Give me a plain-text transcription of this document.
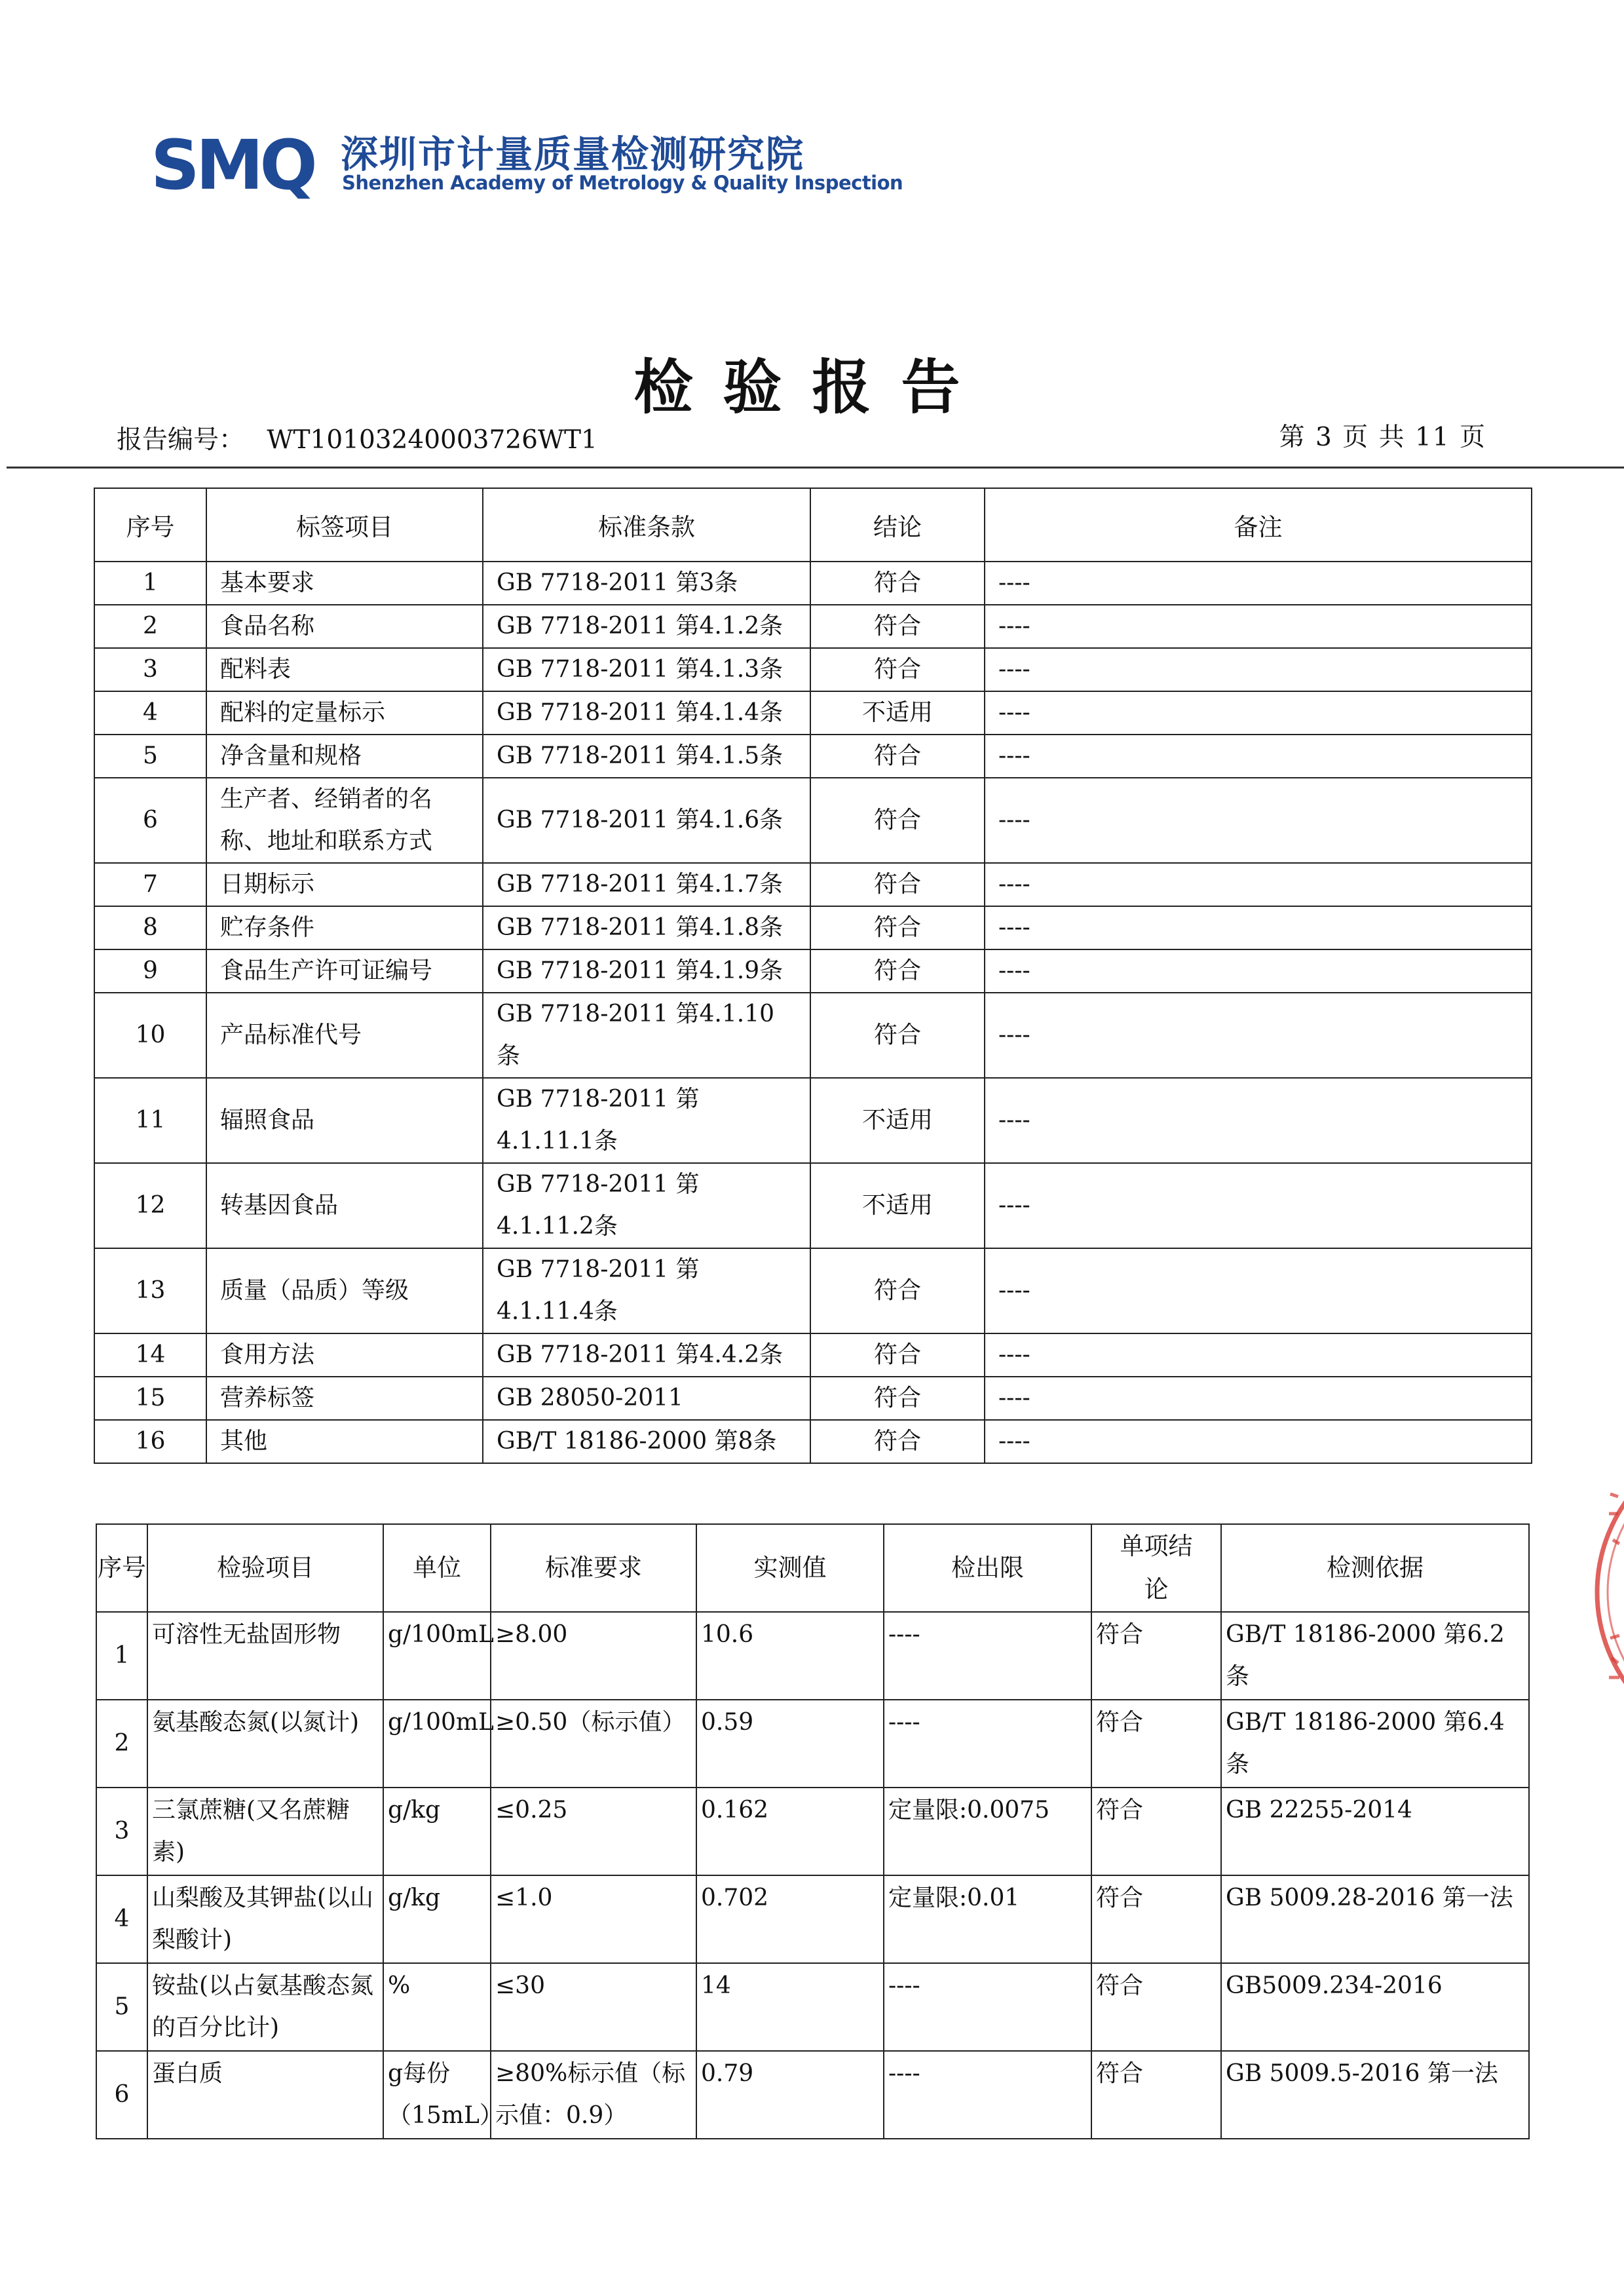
SMQ 深圳市计量质量检测研究院
Shenzhen Academy of Metrology & Quality Inspection
检验报告
报告编号： WT10103240003726WT1	第 3 页 共 11 页
序号	标签项目	标准条款	结论	备注
1	基本要求	GB 7718-2011 第3条	符合	----
2	食品名称	GB 7718-2011 第4.1.2条	符合	----
3	配料表	GB 7718-2011 第4.1.3条	符合	----
4	配料的定量标示	GB 7718-2011 第4.1.4条	不适用	----
5	净含量和规格	GB 7718-2011 第4.1.5条	符合	----
6	生产者、经销者的名称、地址和联系方式	GB 7718-2011 第4.1.6条	符合	----
7	日期标示	GB 7718-2011 第4.1.7条	符合	----
8	贮存条件	GB 7718-2011 第4.1.8条	符合	----
9	食品生产许可证编号	GB 7718-2011 第4.1.9条	符合	----
10	产品标准代号	GB 7718-2011 第4.1.10条	符合	----
11	辐照食品	GB 7718-2011 第4.1.11.1条	不适用	----
12	转基因食品	GB 7718-2011 第4.1.11.2条	不适用	----
13	质量（品质）等级	GB 7718-2011 第4.1.11.4条	符合	----
14	食用方法	GB 7718-2011 第4.4.2条	符合	----
15	营养标签	GB 28050-2011	符合	----
16	其他	GB/T 18186-2000 第8条	符合	----
序号	检验项目	单位	标准要求	实测值	检出限	单项结论	检测依据
1	可溶性无盐固形物	g/100mL	≥8.00	10.6	----	符合	GB/T 18186-2000 第6.2条
2	氨基酸态氮(以氮计)	g/100mL	≥0.50（标示值）	0.59	----	符合	GB/T 18186-2000 第6.4条
3	三氯蔗糖(又名蔗糖素)	g/kg	≤0.25	0.162	定量限:0.0075	符合	GB 22255-2014
4	山梨酸及其钾盐(以山梨酸计)	g/kg	≤1.0	0.702	定量限:0.01	符合	GB 5009.28-2016 第一法
5	铵盐(以占氨基酸态氮的百分比计)	%	≤30	14	----	符合	GB5009.234-2016
6	蛋白质	g每份（15mL）	≥80%标示值（标示值：0.9）	0.79	----	符合	GB 5009.5-2016 第一法
